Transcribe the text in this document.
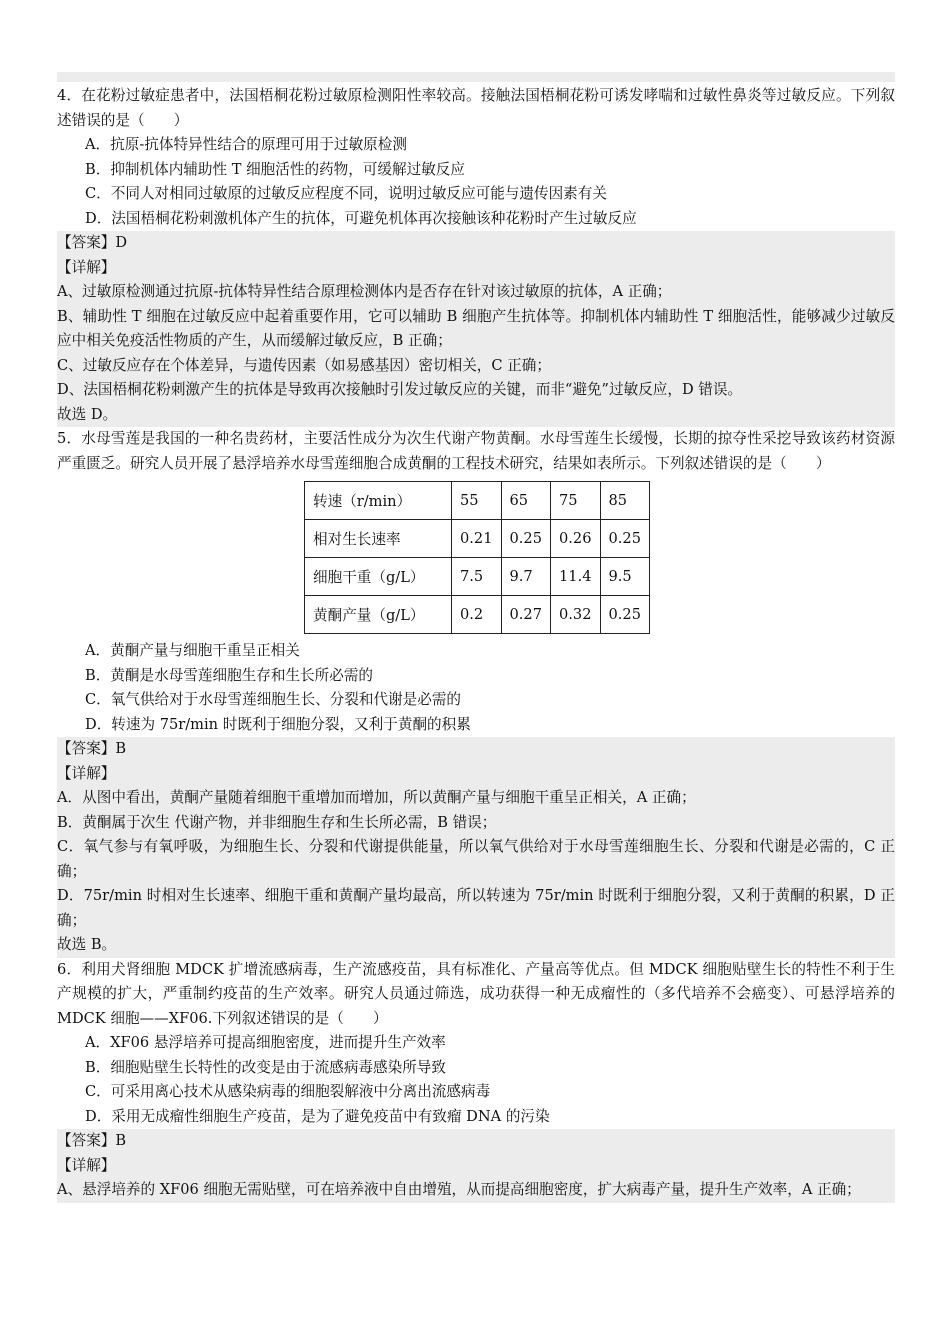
4．在花粉过敏症患者中，法国梧桐花粉过敏原检测阳性率较高。接触法国梧桐花粉可诱发哮喘和过敏性鼻炎等过敏反应。下列叙述错误的是（　　）

A．抗原-抗体特异性结合的原理可用于过敏原检测

B．抑制机体内辅助性 T 细胞活性的药物，可缓解过敏反应

C．不同人对相同过敏原的过敏反应程度不同，说明过敏反应可能与遗传因素有关

D．法国梧桐花粉刺激机体产生的抗体，可避免机体再次接触该种花粉时产生过敏反应

【答案】D

【详解】

A、过敏原检测通过抗原-抗体特异性结合原理检测体内是否存在针对该过敏原的抗体，A 正确；

B、辅助性 T 细胞在过敏反应中起着重要作用，它可以辅助 B 细胞产生抗体等。抑制机体内辅助性 T 细胞活性，能够减少过敏反应中相关免疫活性物质的产生，从而缓解过敏反应，B 正确；

C、过敏反应存在个体差异，与遗传因素（如易感基因）密切相关，C 正确；

D、法国梧桐花粉刺激产生的抗体是导致再次接触时引发过敏反应的关键，而非“避免”过敏反应，D 错误。

故选 D。

5．水母雪莲是我国的一种名贵药材，主要活性成分为次生代谢产物黄酮。水母雪莲生长缓慢，长期的掠夺性采挖导致该药材资源严重匮乏。研究人员开展了悬浮培养水母雪莲细胞合成黄酮的工程技术研究，结果如表所示。下列叙述错误的是（　　）

转速（r/min）	55	65	75	85
相对生长速率	0.21	0.25	0.26	0.25
细胞干重（g/L）	7.5	9.7	11.4	9.5
黄酮产量（g/L）	0.2	0.27	0.32	0.25

A．黄酮产量与细胞干重呈正相关

B．黄酮是水母雪莲细胞生存和生长所必需的

C．氧气供给对于水母雪莲细胞生长、分裂和代谢是必需的

D．转速为 75r/min 时既利于细胞分裂，又利于黄酮的积累

【答案】B

【详解】

A．从图中看出，黄酮产量随着细胞干重增加而增加，所以黄酮产量与细胞干重呈正相关，A 正确；

B．黄酮属于次生 代谢产物，并非细胞生存和生长所必需，B 错误；

C．氧气参与有氧呼吸，为细胞生长、分裂和代谢提供能量，所以氧气供给对于水母雪莲细胞生长、分裂和代谢是必需的，C 正确；

D．75r/min 时相对生长速率、细胞干重和黄酮产量均最高，所以转速为 75r/min 时既利于细胞分裂，又利于黄酮的积累，D 正确；

故选 B。

6．利用犬肾细胞 MDCK 扩增流感病毒，生产流感疫苗，具有标准化、产量高等优点。但 MDCK 细胞贴壁生长的特性不利于生产规模的扩大，严重制约疫苗的生产效率。研究人员通过筛选，成功获得一种无成瘤性的（多代培养不会癌变）、可悬浮培养的 MDCK 细胞——XF06.下列叙述错误的是（　　）

A．XF06 悬浮培养可提高细胞密度，进而提升生产效率

B．细胞贴壁生长特性的改变是由于流感病毒感染所导致

C．可采用离心技术从感染病毒的细胞裂解液中分离出流感病毒

D．采用无成瘤性细胞生产疫苗，是为了避免疫苗中有致瘤 DNA 的污染

【答案】B

【详解】

A、悬浮培养的 XF06 细胞无需贴壁，可在培养液中自由增殖，从而提高细胞密度，扩大病毒产量，提升生产效率，A 正确；
